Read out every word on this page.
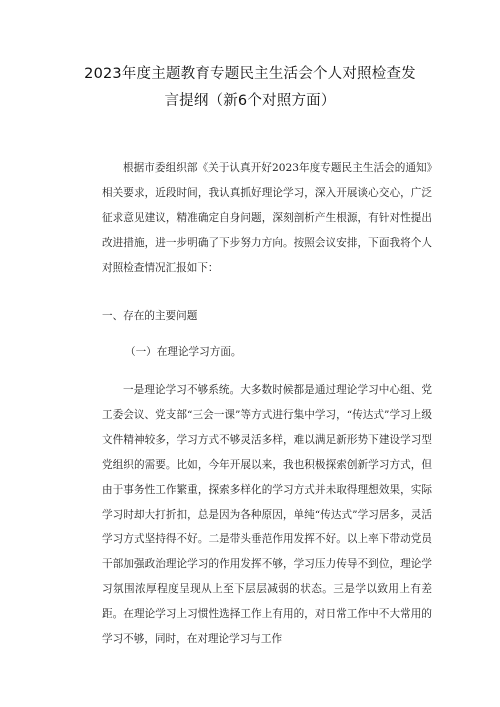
2023年度主题教育专题民主生活会个人对照检查发
言提纲（新6个对照方面）

根据市委组织部《关于认真开好2023年度专题民主生活会的通知》相关要求，近段时间，我认真抓好理论学习，深入开展谈心交心，广泛征求意见建议，精准确定自身问题，深刻剖析产生根源，有针对性提出改进措施，进一步明确了下步努力方向。按照会议安排，下面我将个人对照检查情况汇报如下：

一、存在的主要问题
（一）在理论学习方面。

一是理论学习不够系统。大多数时候都是通过理论学习中心组、党工委会议、党支部“三会一课”等方式进行集中学习，“传达式”学习上级文件精神较多，学习方式不够灵活多样，难以满足新形势下建设学习型党组织的需要。比如，今年开展以来，我也积极探索创新学习方式，但由于事务性工作繁重，探索多样化的学习方式并未取得理想效果，实际学习时却大打折扣，总是因为各种原因，单纯“传达式”学习居多，灵活学习方式坚持得不好。二是带头垂范作用发挥不好。以上率下带动党员干部加强政治理论学习的作用发挥不够，学习压力传导不到位，理论学习氛围浓厚程度呈现从上至下层层减弱的状态。三是学以致用上有差距。在理论学习上习惯性选择工作上有用的，对日常工作中不大常用的学习不够，同时，在对理论学习与工作
